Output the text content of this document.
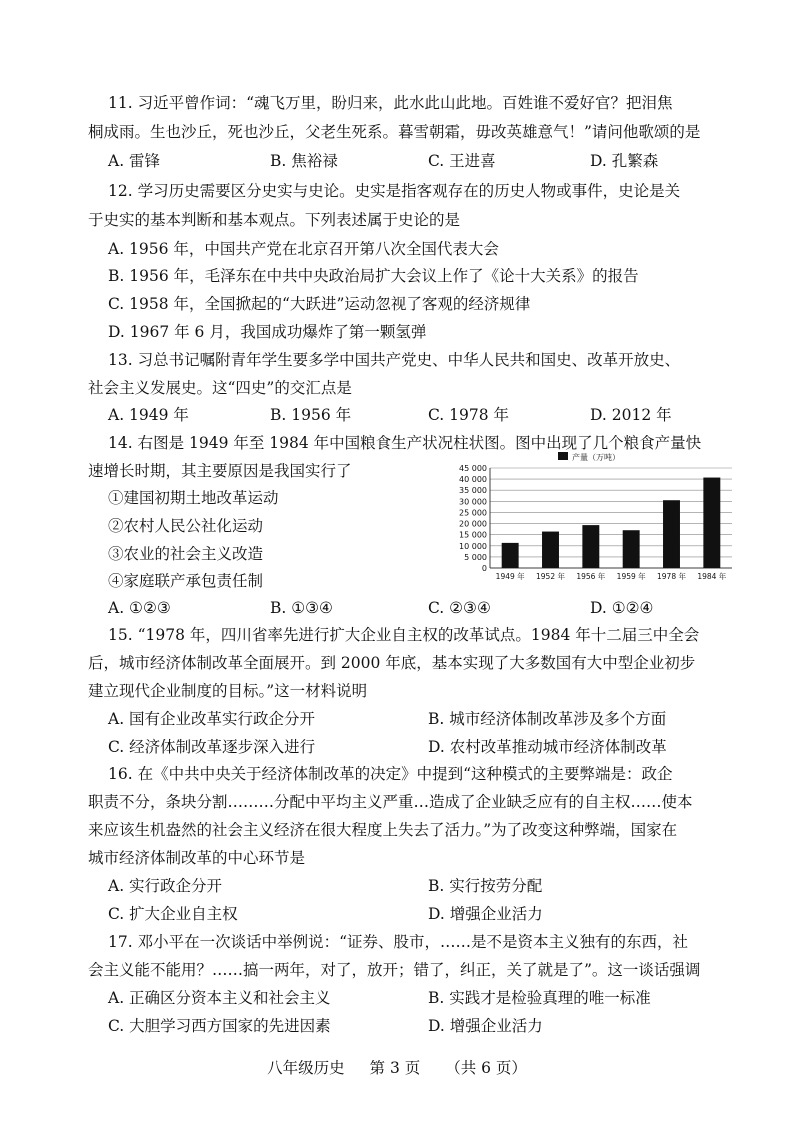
11. 习近平曾作词：“魂飞万里，盼归来，此水此山此地。百姓谁不爱好官？把泪焦
桐成雨。生也沙丘，死也沙丘，父老生死系。暮雪朝霜，毋改英雄意气！”请问他歌颂的是
A. 雷锋	B. 焦裕禄	C. 王进喜	D. 孔繁森
12. 学习历史需要区分史实与史论。史实是指客观存在的历史人物或事件，史论是关
于史实的基本判断和基本观点。下列表述属于史论的是
A. 1956 年，中国共产党在北京召开第八次全国代表大会
B. 1956 年，毛泽东在中共中央政治局扩大会议上作了《论十大关系》的报告
C. 1958 年，全国掀起的“大跃进”运动忽视了客观的经济规律
D. 1967 年 6 月，我国成功爆炸了第一颗氢弹
13. 习总书记嘱附青年学生要多学中国共产党史、中华人民共和国史、改革开放史、
社会主义发展史。这“四史”的交汇点是
A. 1949 年	B. 1956 年	C. 1978 年	D. 2012 年
14. 右图是 1949 年至 1984 年中国粮食生产状况柱状图。图中出现了几个粮食产量快
速增长时期，其主要原因是我国实行了
①建国初期土地改革运动
②农村人民公社化运动
③农业的社会主义改造
④家庭联产承包责任制
A. ①②③	B. ①③④	C. ②③④	D. ①②④
产量（万吨）
45 000
40 000
35 000
30 000
25 000
20 000
15 000
10 000
5 000
0
1949 年 1952 年 1956 年 1959 年 1978 年 1984 年
15. “1978 年，四川省率先进行扩大企业自主权的改革试点。1984 年十二届三中全会
后，城市经济体制改革全面展开。到 2000 年底，基本实现了大多数国有大中型企业初步
建立现代企业制度的目标。”这一材料说明
A. 国有企业改革实行政企分开	B. 城市经济体制改革涉及多个方面
C. 经济体制改革逐步深入进行	D. 农村改革推动城市经济体制改革
16. 在《中共中央关于经济体制改革的决定》中提到“这种模式的主要弊端是：政企
职责不分，条块分割………分配中平均主义严重…造成了企业缺乏应有的自主权……使本
来应该生机盎然的社会主义经济在很大程度上失去了活力。”为了改变这种弊端，国家在
城市经济体制改革的中心环节是
A. 实行政企分开	B. 实行按劳分配
C. 扩大企业自主权	D. 增强企业活力
17. 邓小平在一次谈话中举例说：“证券、股市，……是不是资本主义独有的东西，社
会主义能不能用？……搞一两年，对了，放开；错了，纠正，关了就是了”。这一谈话强调
A. 正确区分资本主义和社会主义	B. 实践才是检验真理的唯一标准
C. 大胆学习西方国家的先进因素	D. 增强企业活力
八年级历史 第 3 页 （共 6 页）
